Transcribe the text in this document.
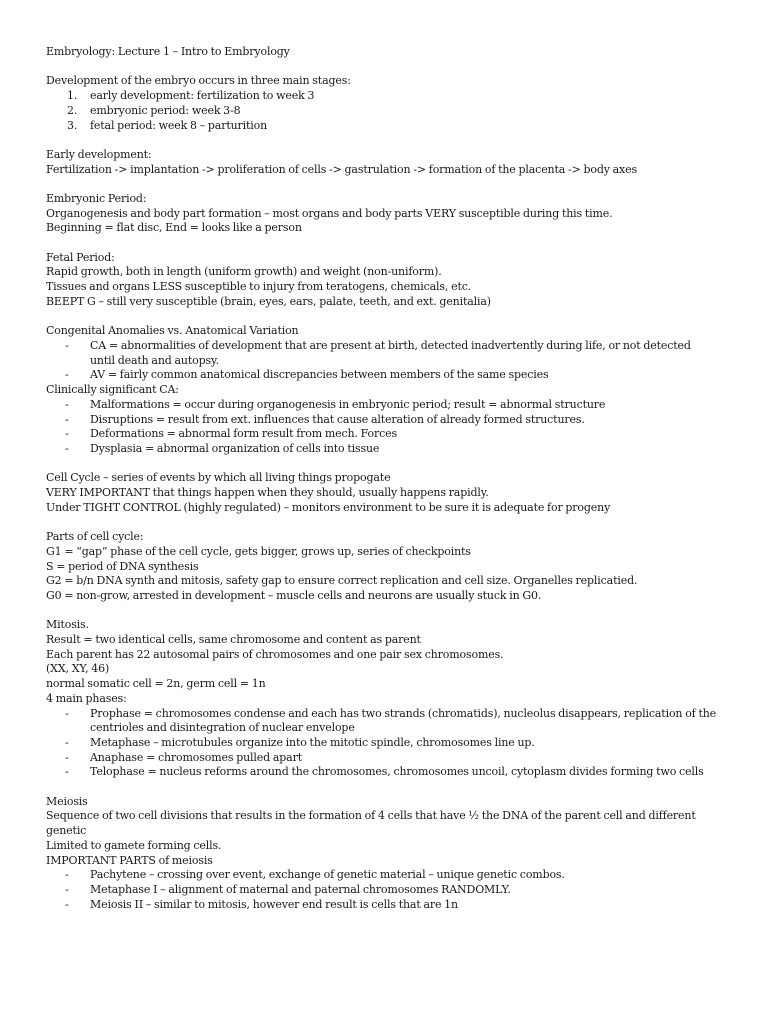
Embryology: Lecture 1 – Intro to Embryology
Development of the embryo occurs in three main stages:
1. early development: fertilization to week 3
2. embryonic period: week 3-8
3. fetal period: week 8 – parturition
Early development:
Fertilization -> implantation -> proliferation of cells -> gastrulation -> formation of the placenta -> body axes
Embryonic Period:
Organogenesis and body part formation – most organs and body parts VERY susceptible during this time.
Beginning = flat disc, End = looks like a person
Fetal Period:
Rapid growth, both in length (uniform growth) and weight (non-uniform).
Tissues and organs LESS susceptible to injury from teratogens, chemicals, etc.
BEEPT G – still very susceptible (brain, eyes, ears, palate, teeth, and ext. genitalia)
Congenital Anomalies vs. Anatomical Variation
- CA = abnormalities of development that are present at birth, detected inadvertently during life, or not detected until death and autopsy.
- AV = fairly common anatomical discrepancies between members of the same species
Clinically significant CA:
- Malformations = occur during organogenesis in embryonic period; result = abnormal structure
- Disruptions = result from ext. influences that cause alteration of already formed structures.
- Deformations = abnormal form result from mech. Forces
- Dysplasia = abnormal organization of cells into tissue
Cell Cycle – series of events by which all living things propogate
VERY IMPORTANT that things happen when they should, usually happens rapidly.
Under TIGHT CONTROL (highly regulated) – monitors environment to be sure it is adequate for progeny
Parts of cell cycle:
G1 = “gap” phase of the cell cycle, gets bigger, grows up, series of checkpoints
S = period of DNA synthesis
G2 = b/n DNA synth and mitosis, safety gap to ensure correct replication and cell size. Organelles replicatied.
G0 = non-grow, arrested in development – muscle cells and neurons are usually stuck in G0.
Mitosis.
Result = two identical cells, same chromosome and content as parent
Each parent has 22 autosomal pairs of chromosomes and one pair sex chromosomes.
(XX, XY, 46)
normal somatic cell = 2n, germ cell = 1n
4 main phases:
- Prophase = chromosomes condense and each has two strands (chromatids), nucleolus disappears, replication of the centrioles and disintegration of nuclear envelope
- Metaphase – microtubules organize into the mitotic spindle, chromosomes line up.
- Anaphase = chromosomes pulled apart
- Telophase = nucleus reforms around the chromosomes, chromosomes uncoil, cytoplasm divides forming two cells
Meiosis
Sequence of two cell divisions that results in the formation of 4 cells that have ½ the DNA of the parent cell and different
genetic
Limited to gamete forming cells.
IMPORTANT PARTS of meiosis
- Pachytene – crossing over event, exchange of genetic material – unique genetic combos.
- Metaphase I – alignment of maternal and paternal chromosomes RANDOMLY.
- Meiosis II – similar to mitosis, however end result is cells that are 1n
